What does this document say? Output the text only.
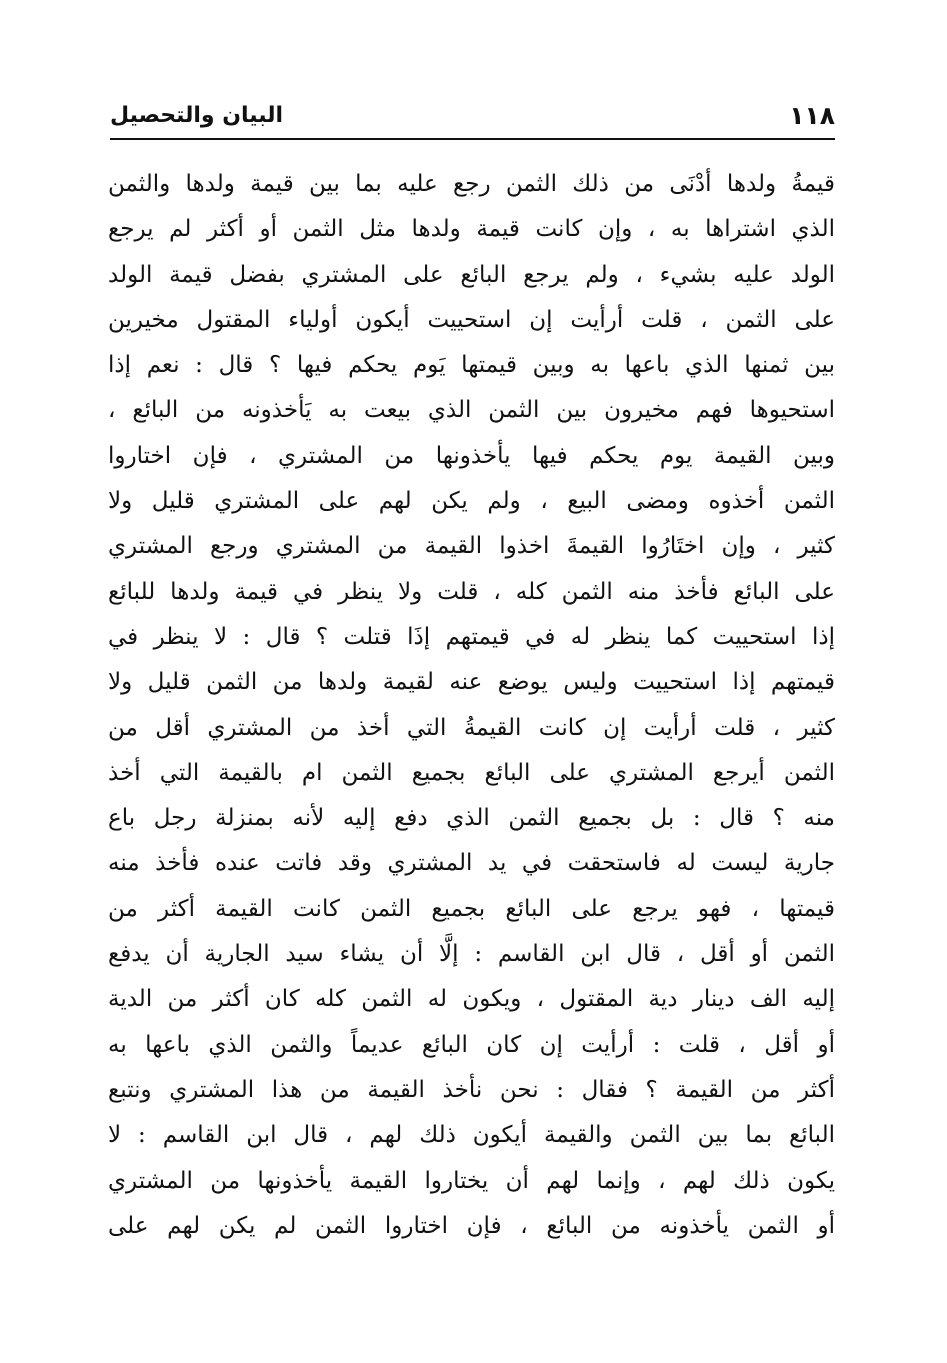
١١٨
البيان والتحصيل
قيمةُ ولدها أدْنَى من ذلك الثمن رجع عليه بما بين قيمة ولدها والثمن
الذي اشتراها به ، وإن كانت قيمة ولدها مثل الثمن أو أكثر لم يرجع
الولد عليه بشيء ، ولم يرجع البائع على المشتري بفضل قيمة الولد
على الثمن ، قلت أرأيت إن استحييت أيكون أولياء المقتول مخيرين
بين ثمنها الذي باعها به وبين قيمتها يَوم يحكم فيها ؟ قال : نعم إذا
استحيوها فهم مخيرون بين الثمن الذي بيعت به يَأخذونه من البائع ،
وبين القيمة يوم يحكم فيها يأخذونها من المشتري ، فإن اختاروا
الثمن أخذوه ومضى البيع ، ولم يكن لهم على المشتري قليل ولا
كثير ، وإن اختَارُوا القيمةَ اخذوا القيمة من المشتري ورجع المشتري
على البائع فأخذ منه الثمن كله ، قلت ولا ينظر في قيمة ولدها للبائع
إذا استحييت كما ينظر له في قيمتهم إذَا قتلت ؟ قال : لا ينظر في
قيمتهم إذا استحييت وليس يوضع عنه لقيمة ولدها من الثمن قليل ولا
كثير ، قلت أرأيت إن كانت القيمةُ التي أخذ من المشتري أقل من
الثمن أيرجع المشتري على البائع بجميع الثمن ام بالقيمة التي أخذ
منه ؟ قال : بل بجميع الثمن الذي دفع إليه لأنه بمنزلة رجل باع
جارية ليست له فاستحقت في يد المشتري وقد فاتت عنده فأخذ منه
قيمتها ، فهو يرجع على البائع بجميع الثمن كانت القيمة أكثر من
الثمن أو أقل ، قال ابن القاسم : إلَّا أن يشاء سيد الجارية أن يدفع
إليه الف دينار دية المقتول ، ويكون له الثمن كله كان أكثر من الدية
أو أقل ، قلت : أرأيت إن كان البائع عديماً والثمن الذي باعها به
أكثر من القيمة ؟ فقال : نحن نأخذ القيمة من هذا المشتري ونتبع
البائع بما بين الثمن والقيمة أيكون ذلك لهم ، قال ابن القاسم : لا
يكون ذلك لهم ، وإنما لهم أن يختاروا القيمة يأخذونها من المشتري
أو الثمن يأخذونه من البائع ، فإن اختاروا الثمن لم يكن لهم على
